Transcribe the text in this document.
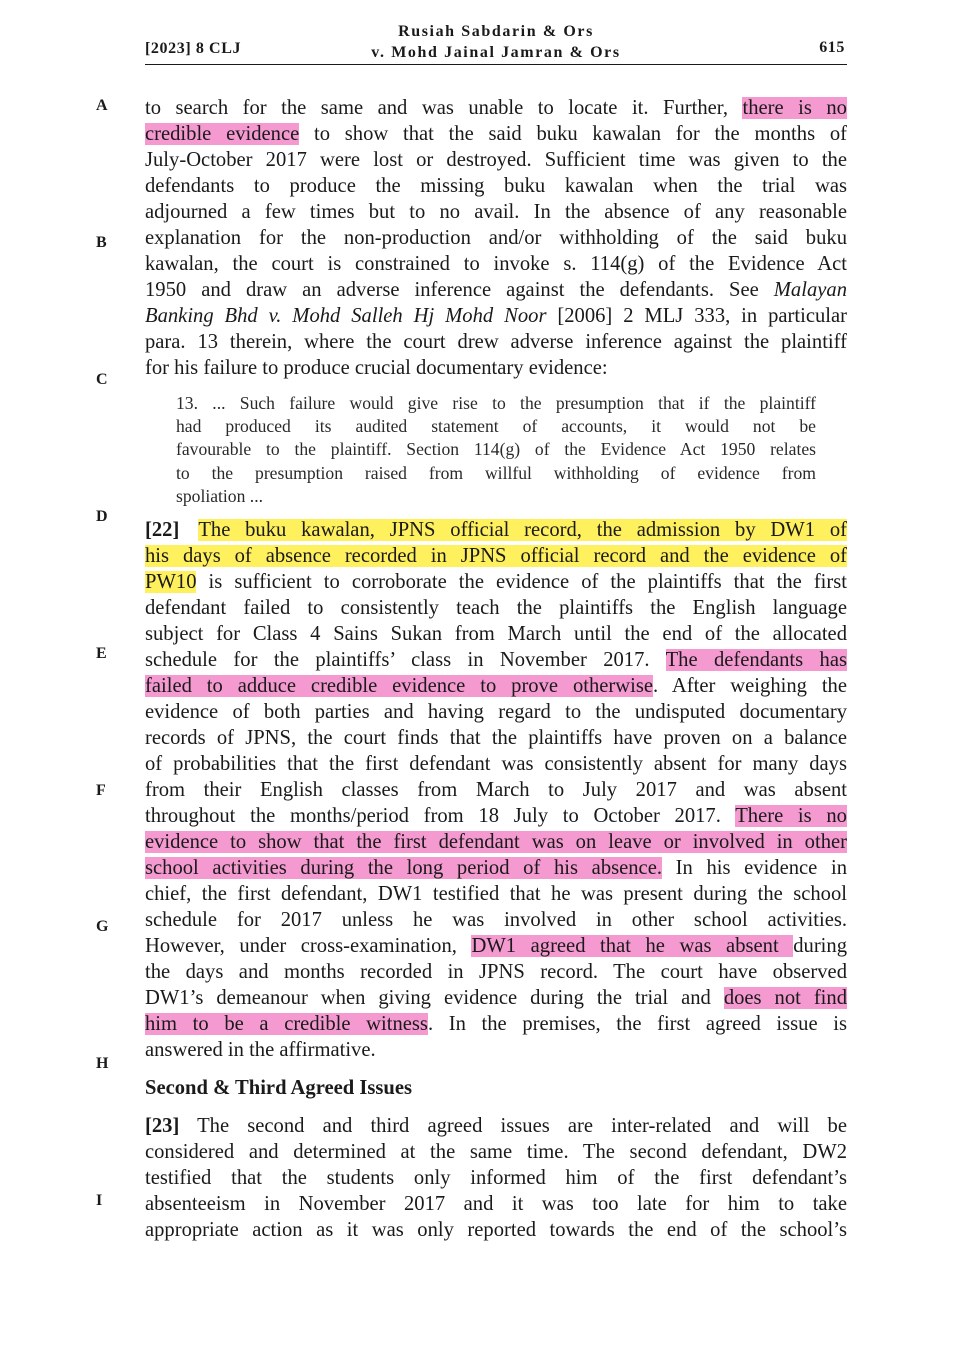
[2023] 8 CLJ
Rusiah Sabdarin & Ors
v. Mohd Jainal Jamran & Ors	615
A
B
C
D
E
F
G
H
I
to search for the same and was unable to locate it. Further, there is no
credible evidence to show that the said buku kawalan for the months of
July-October 2017 were lost or destroyed. Sufficient time was given to the
defendants to produce the missing buku kawalan when the trial was
adjourned a few times but to no avail. In the absence of any reasonable
explanation for the non-production and/or withholding of the said buku
kawalan, the court is constrained to invoke s. 114(g) of the Evidence Act
1950 and draw an adverse inference against the defendants. See Malayan
Banking Bhd v. Mohd Salleh Hj Mohd Noor [2006] 2 MLJ 333, in particular
para. 13 therein, where the court drew adverse inference against the plaintiff
for his failure to produce crucial documentary evidence:
13. ... Such failure would give rise to the presumption that if the plaintiff
had produced its audited statement of accounts, it would not be
favourable to the plaintiff. Section 114(g) of the Evidence Act 1950 relates
to the presumption raised from willful withholding of evidence from
spoliation ...
[22] The buku kawalan, JPNS official record, the admission by DW1 of
his days of absence recorded in JPNS official record and the evidence of
PW10 is sufficient to corroborate the evidence of the plaintiffs that the first
defendant failed to consistently teach the plaintiffs the English language
subject for Class 4 Sains Sukan from March until the end of the allocated
schedule for the plaintiffs’ class in November 2017. The defendants has
failed to adduce credible evidence to prove otherwise. After weighing the
evidence of both parties and having regard to the undisputed documentary
records of JPNS, the court finds that the plaintiffs have proven on a balance
of probabilities that the first defendant was consistently absent for many days
from their English classes from March to July 2017 and was absent
throughout the months/period from 18 July to October 2017. There is no
evidence to show that the first defendant was on leave or involved in other
school activities during the long period of his absence. In his evidence in
chief, the first defendant, DW1 testified that he was present during the school
schedule for 2017 unless he was involved in other school activities.
However, under cross-examination, DW1 agreed that he was absent during
the days and months recorded in JPNS record. The court have observed
DW1’s demeanour when giving evidence during the trial and does not find
him to be a credible witness. In the premises, the first agreed issue is
answered in the affirmative.
Second & Third Agreed Issues
[23] The second and third agreed issues are inter-related and will be
considered and determined at the same time. The second defendant, DW2
testified that the students only informed him of the first defendant’s
absenteeism in November 2017 and it was too late for him to take
appropriate action as it was only reported towards the end of the school’s
